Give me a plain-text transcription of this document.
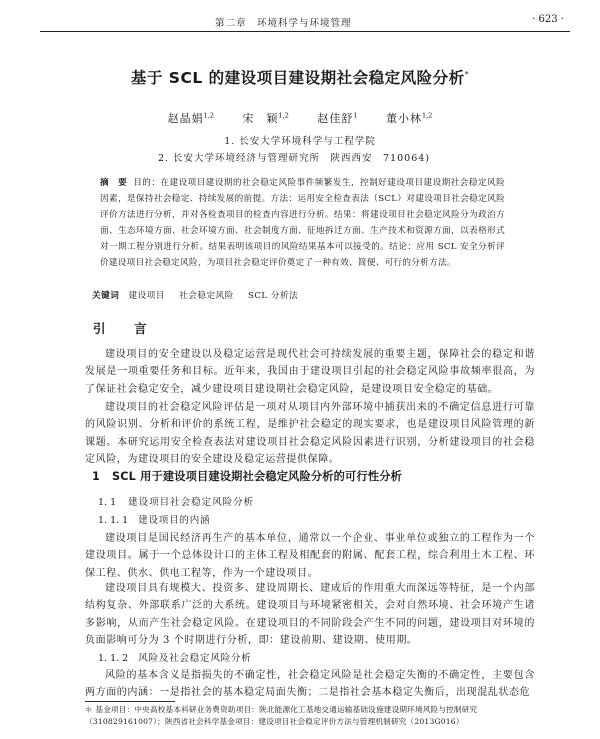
第二章　环境科学与环境管理	· 623 ·
基于 SCL 的建设项目建设期社会稳定风险分析*
赵晶娟$^{1,2}$　　	宋　颖$^{1,2}$　　	赵佳舒$^1$　　	董小林$^{1,2}$
1. 长安大学环境科学与工程学院
2. 长安大学环境经济与管理研究所　陕西西安　710064)
摘　要 目的：在建设项目建设期的社会稳定风险事件频繁发生，控制好建设项目建设期社会稳定风险因素，是保持社会稳定、持续发展的前提。方法：运用安全检查表法（SCL）对建设项目社会稳定风险评价方法进行分析，并对各检查项目的检查内容进行分析。结果：将建设项目社会稳定风险分为政治方面、生态环境方面、社会环境方面、社会制度方面、征地拆迁方面、生产技术和资源方面，以表格形式对一期工程分别进行分析。结果表明该项目的风险结果基本可以接受的。结论：应用 SCL 安全分析评价建设项目社会稳定风险，为项目社会稳定评价奠定了一种有效、简便、可行的分析方法。
关键词 建设项目 社会稳定风险 SCL 分析法
引　言
建设项目的安全建设以及稳定运营是现代社会可持续发展的重要主题，保障社会的稳定和谐发展是一项重要任务和目标。近年来，我国由于建设项目引起的社会稳定风险事故频率很高，为了保证社会稳定安全，减少建设项目建设期社会稳定风险，是建设项目安全稳定的基础。
建设项目的社会稳定风险评估是一项对从项目内外部环境中捕获出来的不确定信息进行可靠的风险识别、分析和评价的系统工程，是维护社会稳定的现实要求，也是建设项目风险管理的新课题。本研究运用安全检查表法对建设项目社会稳定风险因素进行识别，分析建设项目的社会稳定风险，为建设项目的安全建设及稳定运营提供保障。
1 SCL 用于建设项目建设期社会稳定风险分析的可行性分析
1. 1 建设项目社会稳定风险分析
1. 1. 1 建设项目的内涵
建设项目是国民经济再生产的基本单位，通常以一个企业、事业单位或独立的工程作为一个建设项目。属于一个总体设计口的主体工程及相配套的附属、配套工程，综合利用土木工程、环保工程、供水、供电工程等，作为一个建设项目。
建设项目具有规模大、投资多、建设周期长、建成后的作用重大而深远等特征，是一个内部结构复杂、外部联系广泛的大系统。建设项目与环境紧密相关，会对自然环境、社会环境产生诸多影响，从而产生社会稳定风险。在建设项目的不同阶段会产生不同的问题，建设项目对环境的负面影响可分为 3 个时期进行分析，即：建设前期、建设期、使用期。
1. 1. 2 风险及社会稳定风险分析
风险的基本含义是指损失的不确定性，社会稳定风险是社会稳定失衡的不确定性，主要包含两方面的内涵：一是指社会的基本稳定局面失衡；二是指社会基本稳定失衡后，出现混乱状态危
＊ 基金项目：中央高校基本科研业务费资助项目：陕北能源化工基地交通运输基础设施建设期环境风险与控制研究（310829161007）；陕西省社会科学基金项目：建设项目社会稳定评价方法与管理机制研究（2013G016）
